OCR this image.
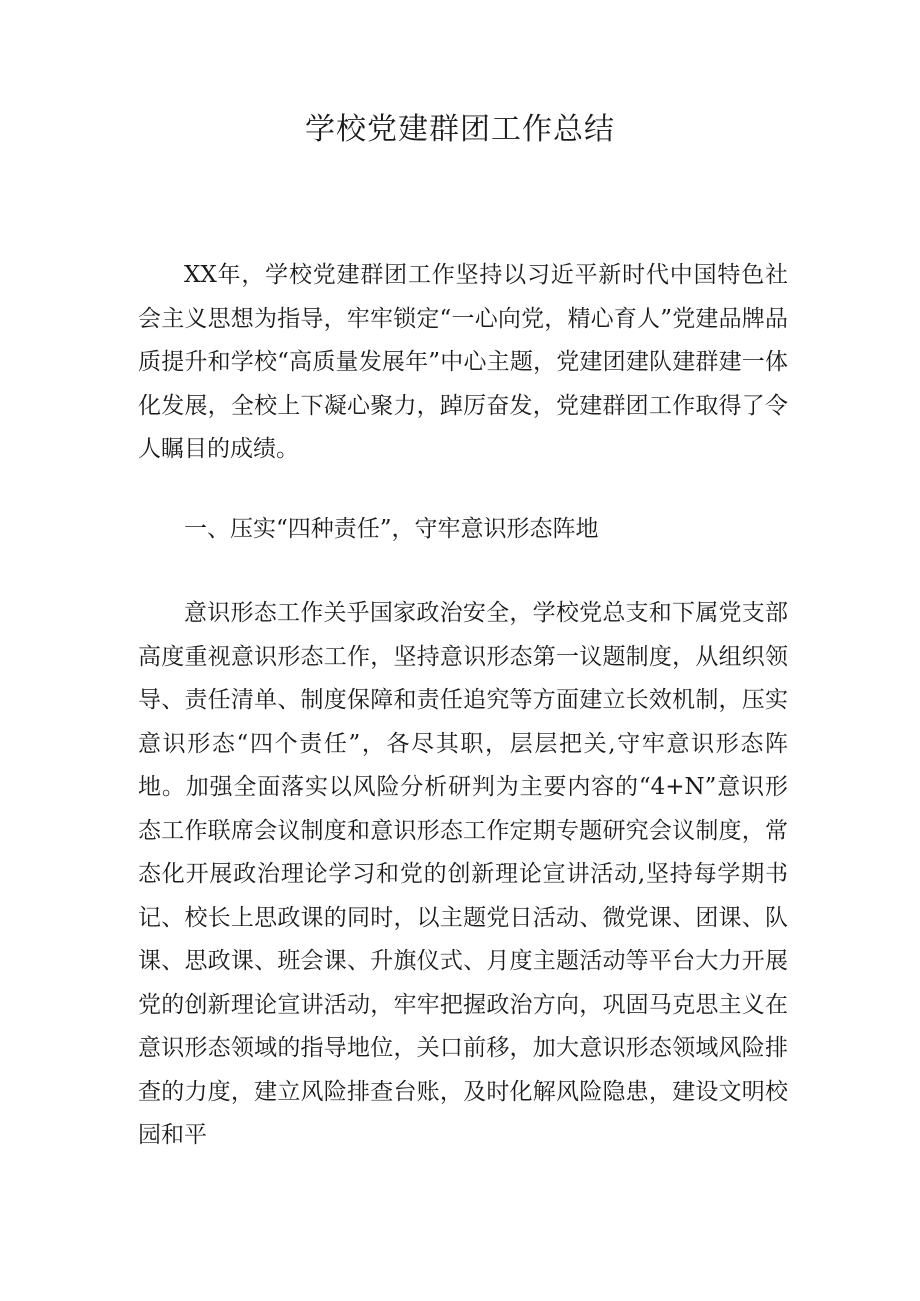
学校党建群团工作总结

XX年，学校党建群团工作坚持以习近平新时代中国特色社会主义思想为指导，牢牢锁定“一心向党，精心育人”党建品牌品质提升和学校“高质量发展年”中心主题，党建团建队建群建一体化发展，全校上下凝心聚力，踔厉奋发，党建群团工作取得了令人瞩目的成绩。

一、压实“四种责任”，守牢意识形态阵地

意识形态工作关乎国家政治安全，学校党总支和下属党支部高度重视意识形态工作，坚持意识形态第一议题制度，从组织领导、责任清单、制度保障和责任追究等方面建立长效机制，压实意识形态“四个责任”，各尽其职，层层把关,守牢意识形态阵地。加强全面落实以风险分析研判为主要内容的“4+N”意识形态工作联席会议制度和意识形态工作定期专题研究会议制度，常态化开展政治理论学习和党的创新理论宣讲活动,坚持每学期书记、校长上思政课的同时，以主题党日活动、微党课、团课、队课、思政课、班会课、升旗仪式、月度主题活动等平台大力开展党的创新理论宣讲活动，牢牢把握政治方向，巩固马克思主义在意识形态领域的指导地位，关口前移，加大意识形态领域风险排查的力度，建立风险排查台账，及时化解风险隐患，建设文明校园和平
